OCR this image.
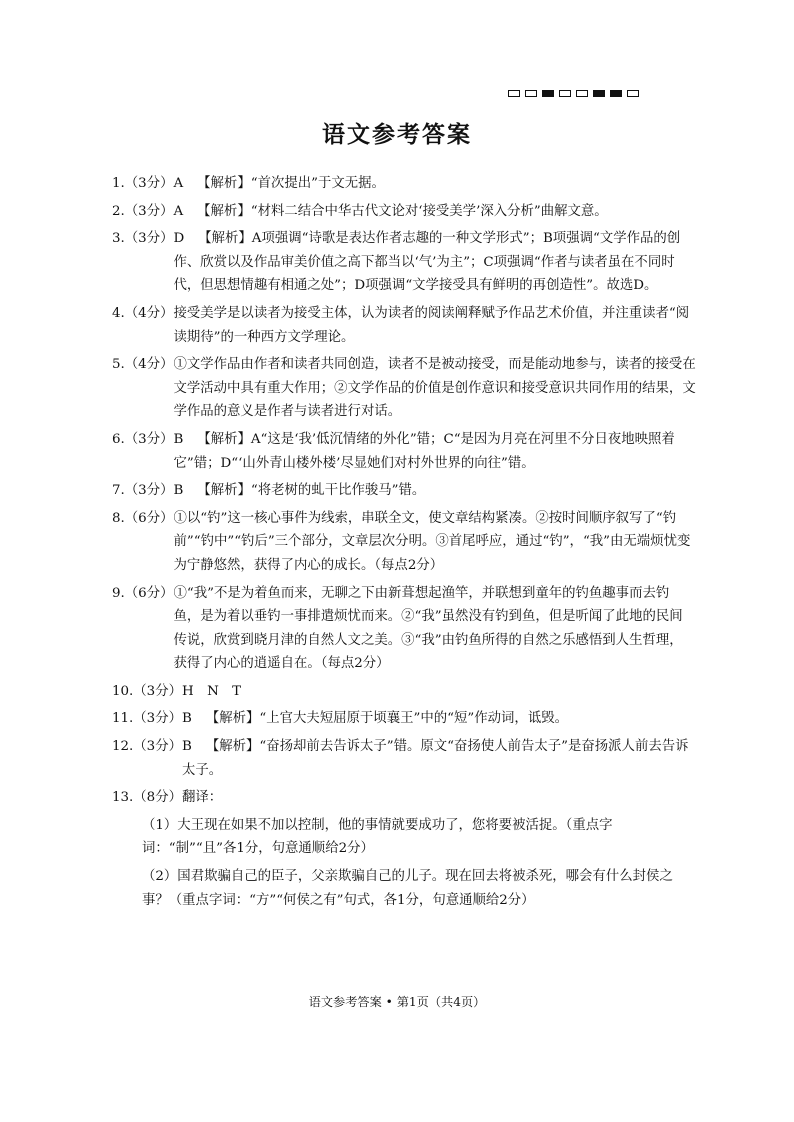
语文参考答案
1. （3分） A 【解析】“首次提出”于文无据。
2. （3分） A 【解析】“材料二结合中华古代文论对‘接受美学’深入分析”曲解文意。
3. （3分） D 【解析】A项强调“诗歌是表达作者志趣的一种文学形式”；B项强调“文学作品的创作、欣赏以及作品审美价值之高下都当以‘气’为主”；C项强调“作者与读者虽在不同时代，但思想情趣有相通之处”；D项强调“文学接受具有鲜明的再创造性”。故选D。
4. （4分） 接受美学是以读者为接受主体，认为读者的阅读阐释赋予作品艺术价值，并注重读者“阅读期待”的一种西方文学理论。
5. （4分） ①文学作品由作者和读者共同创造，读者不是被动接受，而是能动地参与，读者的接受在文学活动中具有重大作用；②文学作品的价值是创作意识和接受意识共同作用的结果，文学作品的意义是作者与读者进行对话。
6. （3分） B 【解析】A“这是‘我’低沉情绪的外化”错；C“是因为月亮在河里不分日夜地映照着它”错；D“‘山外青山楼外楼’尽显她们对村外世界的向往”错。
7. （3分） B 【解析】“将老树的虬干比作骏马”错。
8. （6分） ①以“钓”这一核心事件为线索，串联全文，使文章结构紧凑。②按时间顺序叙写了“钓前”“钓中”“钓后”三个部分，文章层次分明。③首尾呼应，通过“钓”，“我”由无端烦忧变为宁静悠然，获得了内心的成长。（每点2分）
9. （6分） ①“我”不是为着鱼而来，无聊之下由新葺想起渔竿，并联想到童年的钓鱼趣事而去钓鱼，是为着以垂钓一事排遣烦忧而来。②“我”虽然没有钓到鱼，但是听闻了此地的民间传说，欣赏到晓月津的自然人文之美。③“我”由钓鱼所得的自然之乐感悟到人生哲理，获得了内心的逍遥自在。（每点2分）
10. （3分） H　N　T
11. （3分） B 【解析】“上官大夫短屈原于顷襄王”中的“短”作动词，诋毁。
12. （3分） B 【解析】“奋扬却前去告诉太子”错。原文“奋扬使人前告太子”是奋扬派人前去告诉太子。
13. （8分） 翻译：
（1）大王现在如果不加以控制，他的事情就要成功了，您将要被活捉。（重点字词：“制”“且”各1分，句意通顺给2分）
（2）国君欺骗自己的臣子，父亲欺骗自己的儿子。现在回去将被杀死，哪会有什么封侯之事？（重点字词：“方”“何侯之有”句式，各1分，句意通顺给2分）
语文参考答案 • 第1页（共4页）
